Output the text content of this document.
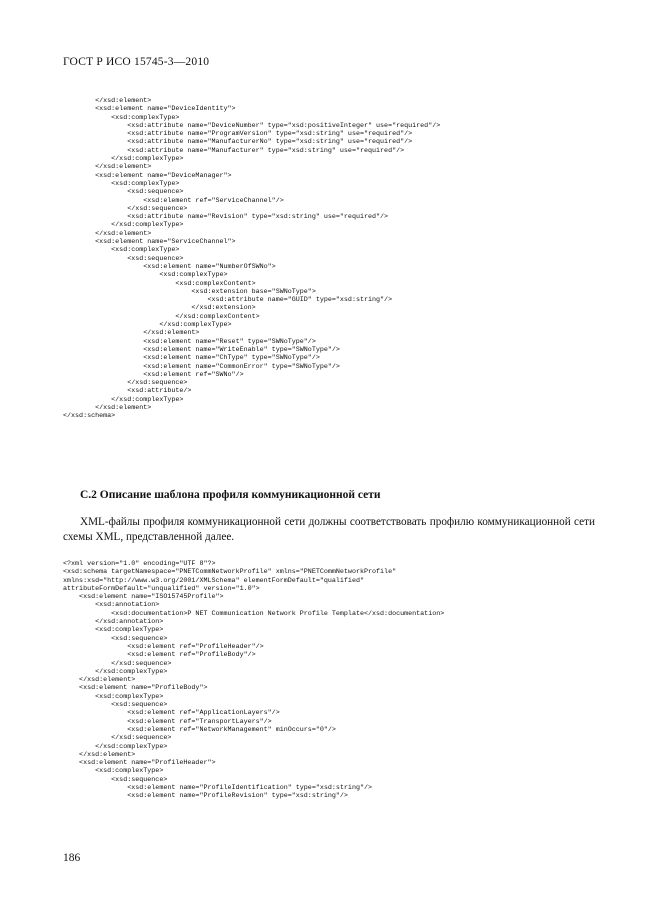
ГОСТ Р ИСО 15745-3—2010
</xsd:element>
<xsd:element name="DeviceIdentity">
<xsd:complexType>
<xsd:attribute name="DeviceNumber" type="xsd:positiveInteger" use="required"/>
<xsd:attribute name="ProgramVersion" type="xsd:string" use="required"/>
<xsd:attribute name="ManufacturerNo" type="xsd:string" use="required"/>
<xsd:attribute name="Manufacturer" type="xsd:string" use="required"/>
</xsd:complexType>
</xsd:element>
<xsd:element name="DeviceManager">
<xsd:complexType>
<xsd:sequence>
<xsd:element ref="ServiceChannel"/>
</xsd:sequence>
<xsd:attribute name="Revision" type="xsd:string" use="required"/>
</xsd:complexType>
</xsd:element>
<xsd:element name="ServiceChannel">
<xsd:complexType>
<xsd:sequence>
<xsd:element name="NumberOfSWNo">
<xsd:complexType>
<xsd:complexContent>
<xsd:extension base="SWNoType">
<xsd:attribute name="GUID" type="xsd:string"/>
</xsd:extension>
</xsd:complexContent>
</xsd:complexType>
</xsd:element>
<xsd:element name="Reset" type="SWNoType"/>
<xsd:element name="WriteEnable" type="SWNoType"/>
<xsd:element name="ChType" type="SWNoType"/>
<xsd:element name="CommonError" type="SWNoType"/>
<xsd:element ref="SWNo"/>
</xsd:sequence>
<xsd:attribute/>
</xsd:complexType>
</xsd:element>
</xsd:schema>
С.2 Описание шаблона профиля коммуникационной сети

XML-файлы профиля коммуникационной сети должны соответствовать профилю коммуникационной сети схемы XML, представленной далее.

<?xml version="1.0" encoding="UTF 8"?>
<xsd:schema targetNamespace="PNETCommNetworkProfile" xmlns="PNETCommNetworkProfile"
xmlns:xsd="http://www.w3.org/2001/XMLSchema" elementFormDefault="qualified"
attributeFormDefault="unqualified" version="1.0">
<xsd:element name="ISO15745Profile">
<xsd:annotation>
<xsd:documentation>P NET Communication Network Profile Template</xsd:documentation>
</xsd:annotation>
<xsd:complexType>
<xsd:sequence>
<xsd:element ref="ProfileHeader"/>
<xsd:element ref="ProfileBody"/>
</xsd:sequence>
</xsd:complexType>
</xsd:element>
<xsd:element name="ProfileBody">
<xsd:complexType>
<xsd:sequence>
<xsd:element ref="ApplicationLayers"/>
<xsd:element ref="TransportLayers"/>
<xsd:element ref="NetworkManagement" minOccurs="0"/>
</xsd:sequence>
</xsd:complexType>
</xsd:element>
<xsd:element name="ProfileHeader">
<xsd:complexType>
<xsd:sequence>
<xsd:element name="ProfileIdentification" type="xsd:string"/>
<xsd:element name="ProfileRevision" type="xsd:string"/>
186
